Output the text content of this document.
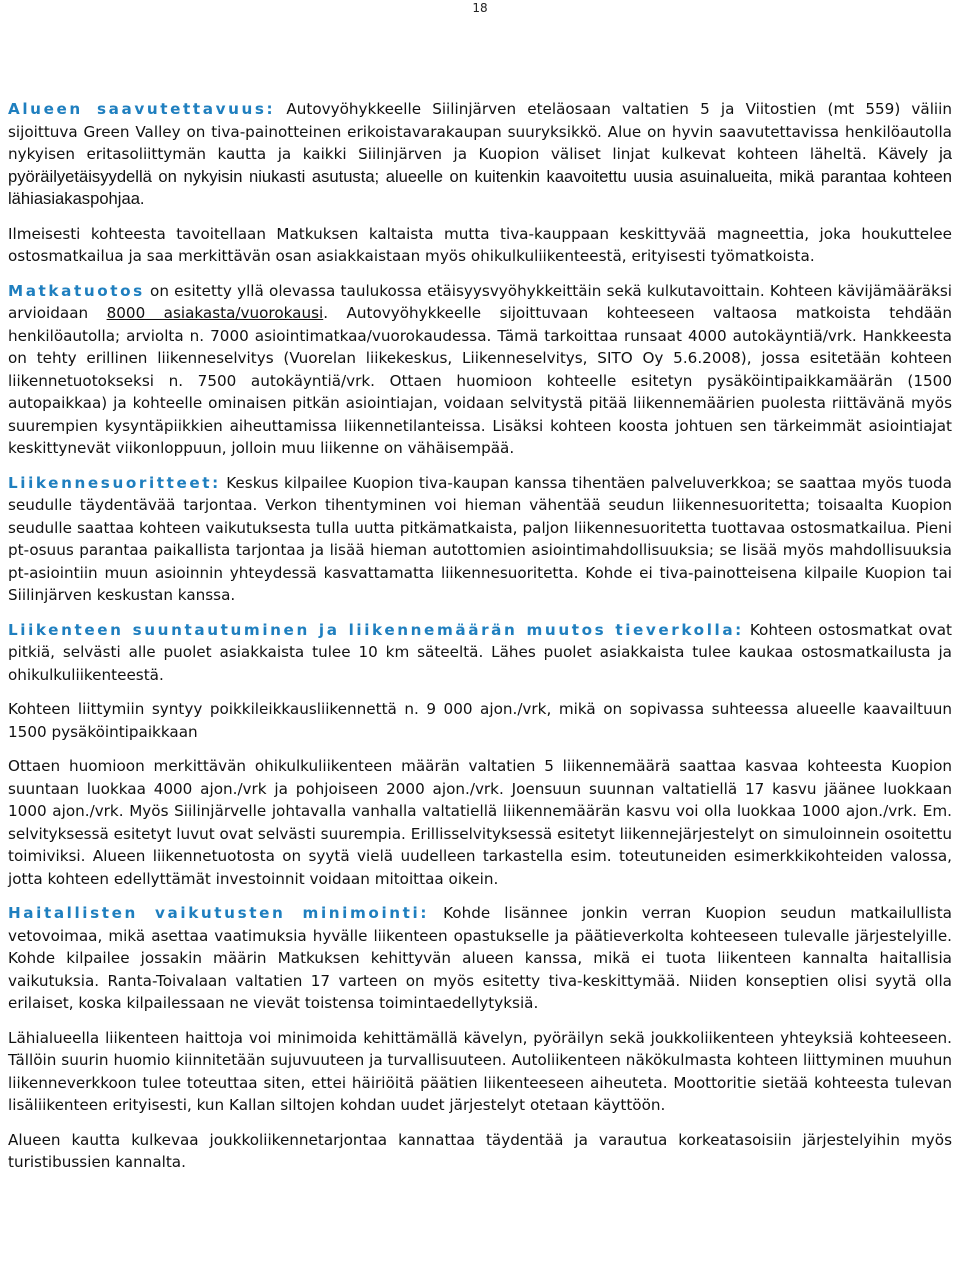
18

Alueen saavutettavuus: Autovyöhykkeelle Siilinjärven eteläosaan valtatien 5 ja Viitostien (mt 559) väliin sijoittuva Green Valley on tiva-painotteinen erikoistavarakaupan suuryksikkö. Alue on hyvin saavutettavissa henkilöautolla nykyisen eritasoliittymän kautta ja kaikki Siilinjärven ja Kuopion väliset linjat kulkevat kohteen läheltä. Kävely ja pyöräilyetäisyydellä on nykyisin niukasti asutusta; alueelle on kuitenkin kaavoitettu uusia asuinalueita, mikä parantaa kohteen lähiasiakaspohjaa.

Ilmeisesti kohteesta tavoitellaan Matkuksen kaltaista mutta tiva-kauppaan keskittyvää magneettia, joka houkuttelee ostosmatkailua ja saa merkittävän osan asiakkaistaan myös ohikulkuliikenteestä, erityisesti työmatkoista.

Matkatuotos on esitetty yllä olevassa taulukossa etäisyysvyöhykkeittäin sekä kulkutavoittain. Kohteen kävijämääräksi arvioidaan 8000 asiakasta/vuorokausi. Autovyöhykkeelle sijoittuvaan kohteeseen valtaosa matkoista tehdään henkilöautolla; arviolta n. 7000 asiointimatkaa/vuorokaudessa. Tämä tarkoittaa runsaat 4000 autokäyntiä/vrk. Hankkeesta on tehty erillinen liikenneselvitys (Vuorelan liikekeskus, Liikenneselvitys, SITO Oy 5.6.2008), jossa esitetään kohteen liikennetuotokseksi n. 7500 autokäyntiä/vrk. Ottaen huomioon kohteelle esitetyn pysäköintipaikkamäärän (1500 autopaikkaa) ja kohteelle ominaisen pitkän asiointiajan, voidaan selvitystä pitää liikennemäärien puolesta riittävänä myös suurempien kysyntäpiikkien aiheuttamissa liikennetilanteissa. Lisäksi kohteen koosta johtuen sen tärkeimmät asiointiajat keskittynevät viikonloppuun, jolloin muu liikenne on vähäisempää.

Liikennesuoritteet: Keskus kilpailee Kuopion tiva-kaupan kanssa tihentäen palveluverkkoa; se saattaa myös tuoda seudulle täydentävää tarjontaa. Verkon tihentyminen voi hieman vähentää seudun liikennesuoritetta; toisaalta Kuopion seudulle saattaa kohteen vaikutuksesta tulla uutta pitkämatkaista, paljon liikennesuoritetta tuottavaa ostosmatkailua. Pieni pt-osuus parantaa paikallista tarjontaa ja lisää hieman autottomien asiointimahdollisuuksia; se lisää myös mahdollisuuksia pt-asiointiin muun asioinnin yhteydessä kasvattamatta liikennesuoritetta. Kohde ei tiva-painotteisena kilpaile Kuopion tai Siilinjärven keskustan kanssa.

Liikenteen suuntautuminen ja liikennemäärän muutos tieverkolla: Kohteen ostosmatkat ovat pitkiä, selvästi alle puolet asiakkaista tulee 10 km säteeltä. Lähes puolet asiakkaista tulee kaukaa ostosmatkailusta ja ohikulkuliikenteestä.

Kohteen liittymiin syntyy poikkileikkausliikennettä n. 9 000 ajon./vrk, mikä on sopivassa suhteessa alueelle kaavailtuun 1500 pysäköintipaikkaan

Ottaen huomioon merkittävän ohikulkuliikenteen määrän valtatien 5 liikennemäärä saattaa kasvaa kohteesta Kuopion suuntaan luokkaa 4000 ajon./vrk ja pohjoiseen 2000 ajon./vrk. Joensuun suunnan valtatiellä 17 kasvu jäänee luokkaan 1000 ajon./vrk. Myös Siilinjärvelle johtavalla vanhalla valtatiellä liikennemäärän kasvu voi olla luokkaa 1000 ajon./vrk. Em. selvityksessä esitetyt luvut ovat selvästi suurempia. Erillisselvityksessä esitetyt liikennejärjestelyt on simuloinnein osoitettu toimiviksi. Alueen liikennetuotosta on syytä vielä uudelleen tarkastella esim. toteutuneiden esimerkkikohteiden valossa, jotta kohteen edellyttämät investoinnit voidaan mitoittaa oikein.

Haitallisten vaikutusten minimointi: Kohde lisännee jonkin verran Kuopion seudun matkailullista vetovoimaa, mikä asettaa vaatimuksia hyvälle liikenteen opastukselle ja päätieverkolta kohteeseen tulevalle järjestelyille. Kohde kilpailee jossakin määrin Matkuksen kehittyvän alueen kanssa, mikä ei tuota liikenteen kannalta haitallisia vaikutuksia. Ranta-Toivalaan valtatien 17 varteen on myös esitetty tiva-keskittymää. Niiden konseptien olisi syytä olla erilaiset, koska kilpailessaan ne vievät toistensa toimintaedellytyksiä.

Lähialueella liikenteen haittoja voi minimoida kehittämällä kävelyn, pyöräilyn sekä joukkoliikenteen yhteyksiä kohteeseen. Tällöin suurin huomio kiinnitetään sujuvuuteen ja turvallisuuteen. Autoliikenteen näkökulmasta kohteen liittyminen muuhun liikenneverkkoon tulee toteuttaa siten, ettei häiriöitä päätien liikenteeseen aiheuteta. Moottoritie sietää kohteesta tulevan lisäliikenteen erityisesti, kun Kallan siltojen kohdan uudet järjestelyt otetaan käyttöön.

Alueen kautta kulkevaa joukkoliikennetarjontaa kannattaa täydentää ja varautua korkeatasoisiin järjestelyihin myös turistibussien kannalta.
